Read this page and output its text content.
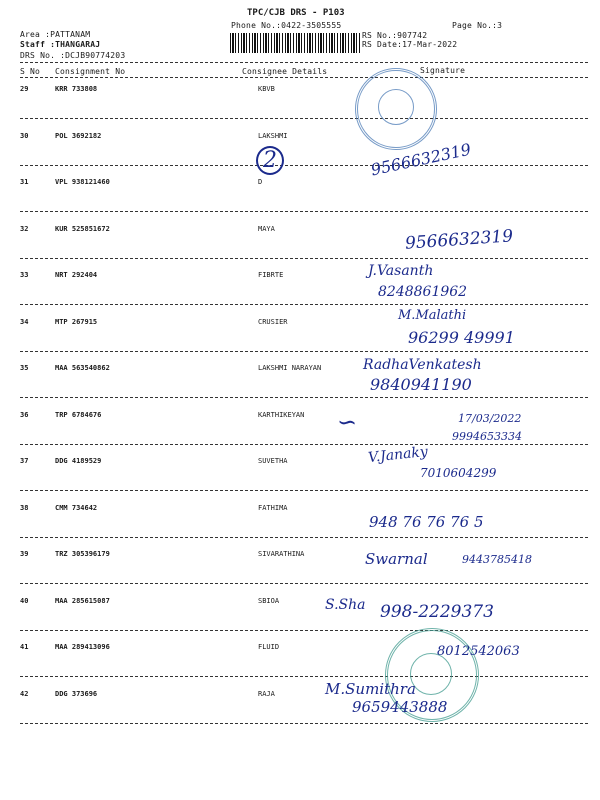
TPC/CJB DRS - P103
Phone No.:0422-3505555	Page No.:3
Area :PATTANAM
Staff :THANGARAJ
DRS No. :DCJB90774203
RS No.:907742
RS Date:17-Mar-2022
S No Consignment No	Consignee Details	Signature
29	KRR 733808	KBVB
30	POL 3692182	LAKSHMI
31	VPL 938121460	D
32	KUR 525851672	MAYA
33	NRT 292404	FIBRTE
34	MTP 267915	CRUSIER
35	MAA 563540862	LAKSHMI NARAYAN
36	TRP 6784676	KARTHIKEYAN
37	DDG 4189529	SUVETHA
38	CMM 734642	FATHIMA
39	TRZ 305396179	SIVARATHINA
40	MAA 285615087	SBIOA
41	MAA 289413096	FLUID
42	DDG 373696	RAJA
2	9566632319
9566632319
J.Vasanth
8248861962
M.Malathi
96299 49991
RadhaVenkatesh
9840941190
∽	17/03/2022
9994653334
V.Janaky
7010604299
948 76 76 76 5
Swarnal	9443785418
S.Sha 998-2229373
8012542063
M.Sumithra
9659443888
